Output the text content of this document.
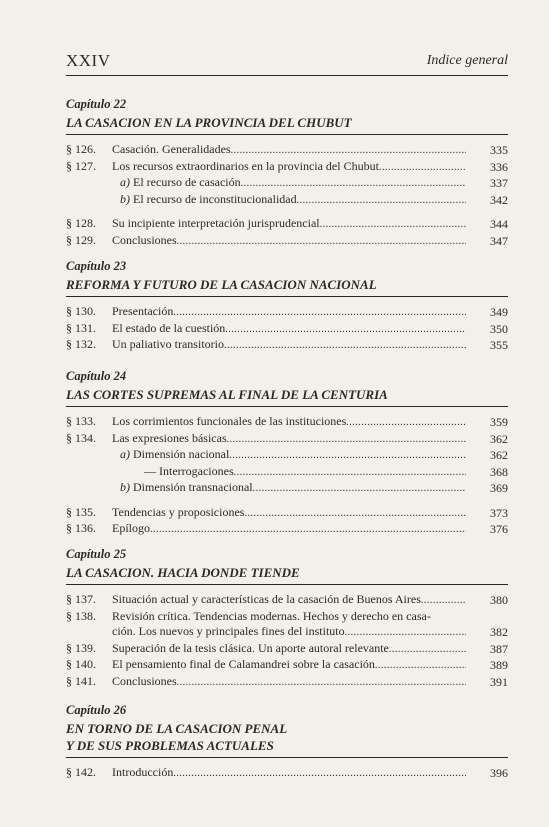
XXIV	Indice general
Capítulo 22
LA CASACION EN LA PROVINCIA DEL CHUBUT
§ 126. Casación. Generalidades .....	335
§ 127. Los recursos extraordinarios en la provincia del Chubut .....	336
a) El recurso de casación .....	337
b) El recurso de inconstitucionalidad .....	342
§ 128. Su incipiente interpretación jurisprudencial .....	344
§ 129. Conclusiones .....	347
Capítulo 23
REFORMA Y FUTURO DE LA CASACION NACIONAL
§ 130. Presentación .....	349
§ 131. El estado de la cuestión .....	350
§ 132. Un paliativo transitorio .....	355
Capítulo 24
LAS CORTES SUPREMAS AL FINAL DE LA CENTURIA
§ 133. Los corrimientos funcionales de las instituciones .....	359
§ 134. Las expresiones básicas .....	362
a) Dimensión nacional .....	362
— Interrogaciones .....	368
b) Dimensión transnacional .....	369
§ 135. Tendencias y proposiciones .....	373
§ 136. Epílogo .....	376
Capítulo 25
LA CASACION. HACIA DONDE TIENDE
§ 137. Situación actual y características de la casación de Buenos Aires .....	380
§ 138. Revisión crítica. Tendencias modernas. Hechos y derecho en casa-
ción. Los nuevos y principales fines del instituto .....	382
§ 139. Superación de la tesis clásica. Un aporte autoral relevante .....	387
§ 140. El pensamiento final de Calamandrei sobre la casación .....	389
§ 141. Conclusiones .....	391
Capítulo 26
EN TORNO DE LA CASACION PENAL
Y DE SUS PROBLEMAS ACTUALES
§ 142. Introducción .....	396
